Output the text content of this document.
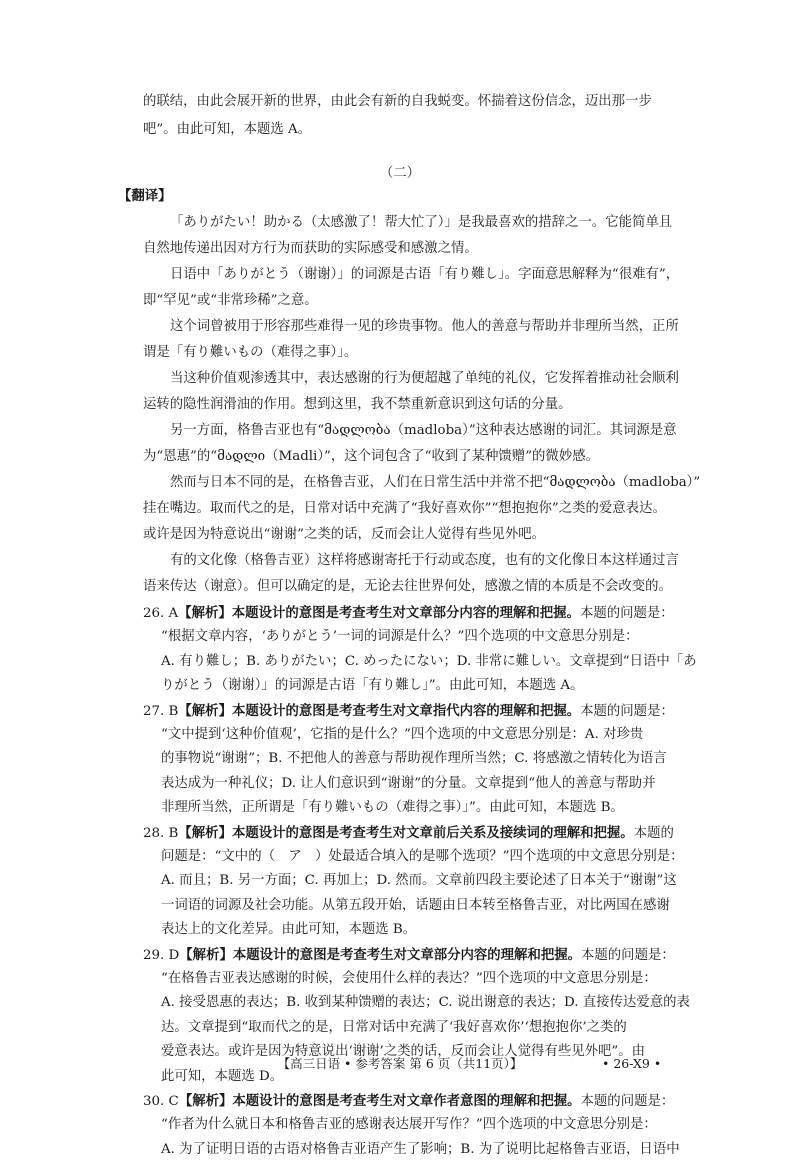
的联结，由此会展开新的世界，由此会有新的自我蜕变。怀揣着这份信念，迈出那一步
吧”。由此可知，本题选 A。
（二）
【翻译】
「ありがたい！助かる（太感激了！帮大忙了）」是我最喜欢的措辞之一。它能简单且
自然地传递出因对方行为而获助的实际感受和感激之情。
日语中「ありがとう（谢谢）」的词源是古语「有り難し」。字面意思解释为“很难有”，
即“罕见”或“非常珍稀”之意。
这个词曾被用于形容那些难得一见的珍贵事物。他人的善意与帮助并非理所当然，正所
谓是「有り難いもの（难得之事）」。
当这种价值观渗透其中，表达感谢的行为便超越了单纯的礼仪，它发挥着推动社会顺利
运转的隐性润滑油的作用。想到这里，我不禁重新意识到这句话的分量。
另一方面，格鲁吉亚也有“მადლობა（madloba）”这种表达感谢的词汇。其词源是意
为“恩惠”的“მადლი（Madli）”，这个词包含了“收到了某种馈赠”的微妙感。
然而与日本不同的是，在格鲁吉亚，人们在日常生活中并常不把“მადლობა（madloba）”
挂在嘴边。取而代之的是，日常对话中充满了“我好喜欢你”“想抱抱你”之类的爱意表达。
或许是因为特意说出“谢谢”之类的话，反而会让人觉得有些见外吧。
有的文化像（格鲁吉亚）这样将感谢寄托于行动或态度，也有的文化像日本这样通过言
语来传达（谢意）。但可以确定的是，无论去往世界何处，感激之情的本质是不会改变的。
【高三日语 • 参考答案 第 6 页（共11页）】	• 26-X9 •
26. A【解析】本题设计的意图是考查考生对文章部分内容的理解和把握。本题的问题是：
“根据文章内容，‘ありがとう’一词的词源是什么？”四个选项的中文意思分别是：
A. 有り難し；B. ありがたい；C. めったにない；D. 非常に難しい。文章提到“日语中「あ
りがとう（谢谢）」的词源是古语「有り難し」”。由此可知，本题选 A。
27. B【解析】本题设计的意图是考查考生对文章指代内容的理解和把握。本题的问题是：
“文中提到‘这种价值观’，它指的是什么？”四个选项的中文意思分别是：A. 对珍贵
的事物说“谢谢”；B. 不把他人的善意与帮助视作理所当然；C. 将感激之情转化为语言
表达成为一种礼仪；D. 让人们意识到“谢谢”的分量。文章提到“他人的善意与帮助并
非理所当然，正所谓是「有り難いもの（难得之事）」”。由此可知，本题选 B。
28. B【解析】本题设计的意图是考查考生对文章前后关系及接续词的理解和把握。本题的
问题是：“文中的（　ア　）处最适合填入的是哪个选项？”四个选项的中文意思分别是：
A. 而且；B. 另一方面；C. 再加上；D. 然而。文章前四段主要论述了日本关于“谢谢”这
一词语的词源及社会功能。从第五段开始，话题由日本转至格鲁吉亚，对比两国在感谢
表达上的文化差异。由此可知，本题选 B。
29. D【解析】本题设计的意图是考查考生对文章部分内容的理解和把握。本题的问题是：
“在格鲁吉亚表达感谢的时候，会使用什么样的表达？”四个选项的中文意思分别是：
A. 接受恩惠的表达；B. 收到某种馈赠的表达；C. 说出谢意的表达；D. 直接传达爱意的表
达。文章提到“取而代之的是，日常对话中充满了‘我好喜欢你’‘想抱抱你’之类的
爱意表达。或许是因为特意说出‘谢谢’之类的话，反而会让人觉得有些见外吧”。由
此可知，本题选 D。
30. C【解析】本题设计的意图是考查考生对文章作者意图的理解和把握。本题的问题是：
“作者为什么就日本和格鲁吉亚的感谢表达展开写作？”四个选项的中文意思分别是：
A. 为了证明日语的古语对格鲁吉亚语产生了影响；B. 为了说明比起格鲁吉亚语，日语中
